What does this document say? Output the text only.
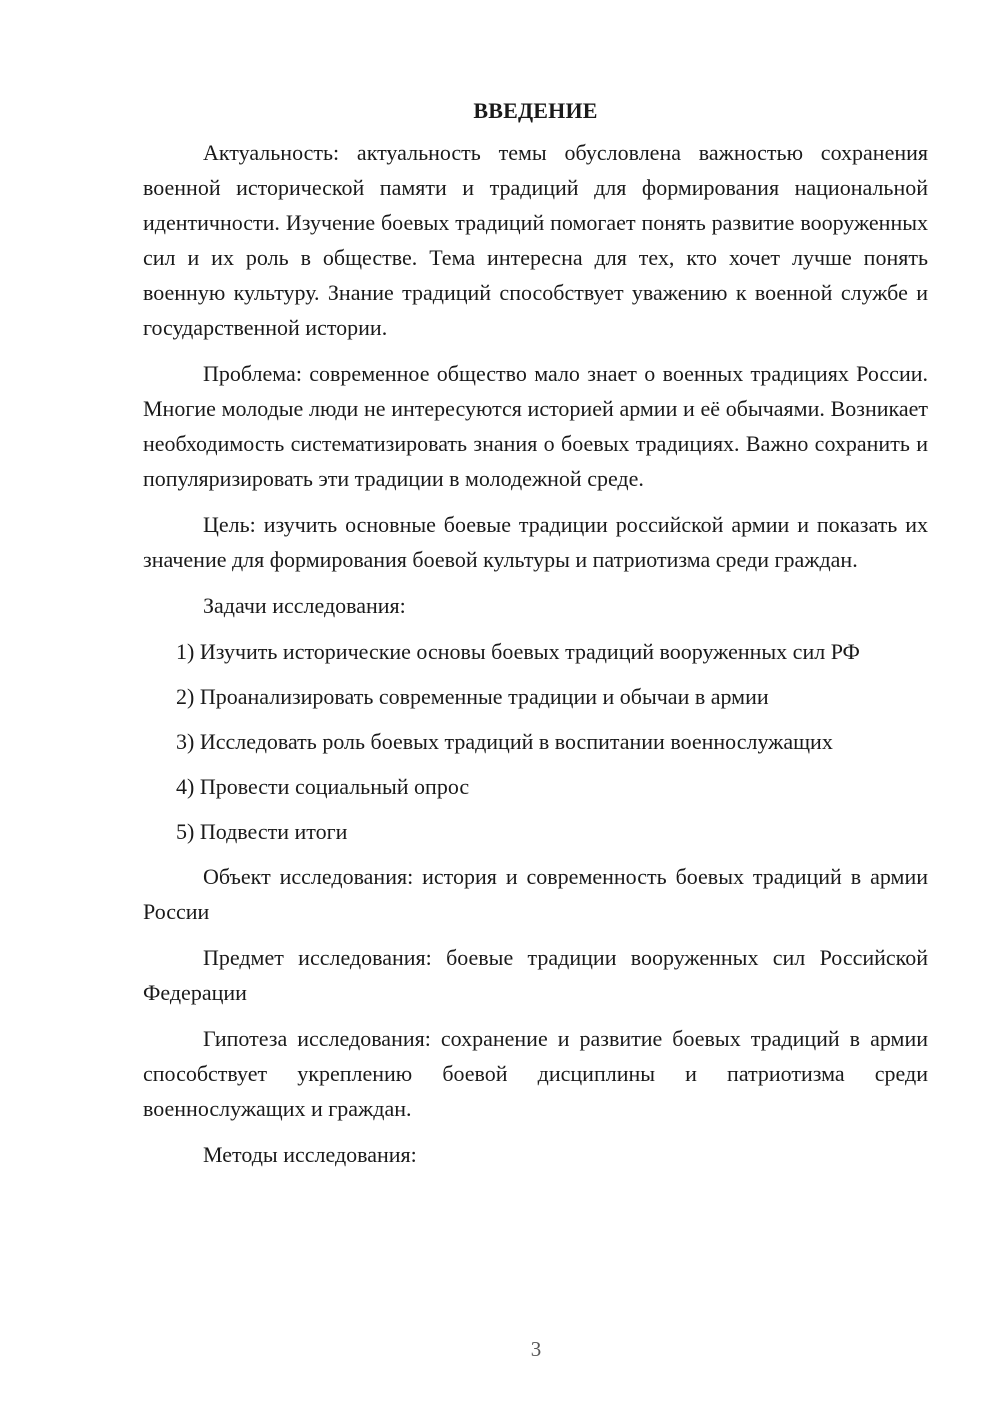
ВВЕДЕНИЕ

Актуальность: актуальность темы обусловлена важностью сохранения военной исторической памяти и традиций для формирования национальной идентичности. Изучение боевых традиций помогает понять развитие вооруженных сил и их роль в обществе. Тема интересна для тех, кто хочет лучше понять военную культуру. Знание традиций способствует уважению к военной службе и государственной истории.

Проблема: современное общество мало знает о военных традициях России. Многие молодые люди не интересуются историей армии и её обычаями. Возникает необходимость систематизировать знания о боевых традициях. Важно сохранить и популяризировать эти традиции в молодежной среде.

Цель: изучить основные боевые традиции российской армии и показать их значение для формирования боевой культуры и патриотизма среди граждан.

Задачи исследования:

1) Изучить исторические основы боевых традиций вооруженных сил РФ

2) Проанализировать современные традиции и обычаи в армии

3) Исследовать роль боевых традиций в воспитании военнослужащих

4) Провести социальный опрос

5) Подвести итоги

Объект исследования: история и современность боевых традиций в армии России

Предмет исследования: боевые традиции вооруженных сил Российской Федерации

Гипотеза исследования: сохранение и развитие боевых традиций в армии способствует укреплению боевой дисциплины и патриотизма среди военнослужащих и граждан.

Методы исследования:

3
